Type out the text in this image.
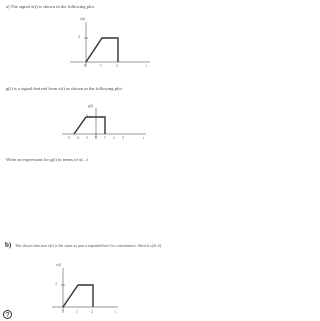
a) The signal x(t) is shown in the following plot.
x(t)
3
0	1	2	t
g(t) is a signal derived from x(t) as shown in the following plot
g(t)
3
-3 -2 -1 0 1 2 3	t
Write an expression for g(t) in terms of x(...)
b) The shown function x(t) is the same as part a repeated here for convenience. Sketch x(2t-4)
x(t)
3
0	1	2	t
?
